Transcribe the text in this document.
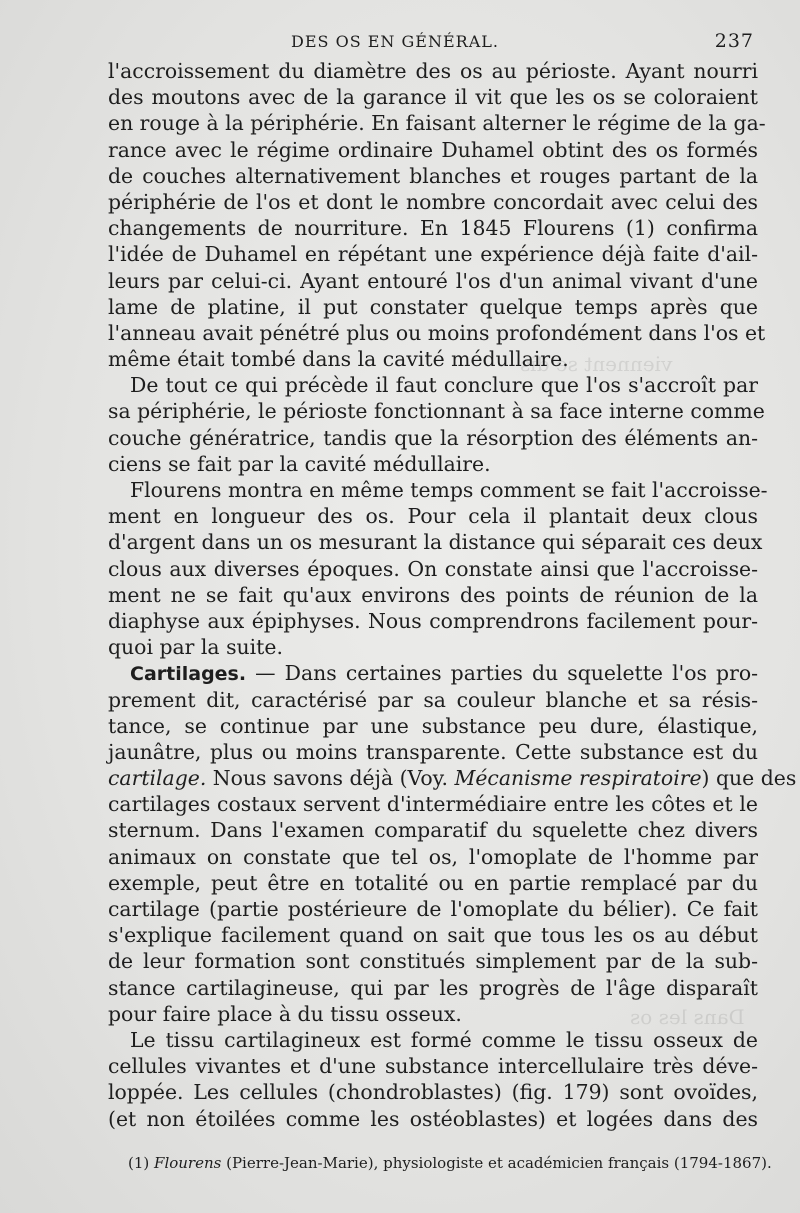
viennent se dis
Dans les os
DES OS EN GÉNÉRAL.	237
l'accroissement du diamètre des os au périoste. Ayant nourri
des moutons avec de la garance il vit que les os se coloraient
en rouge à la périphérie. En faisant alterner le régime de la ga-
rance avec le régime ordinaire Duhamel obtint des os formés
de couches alternativement blanches et rouges partant de la
périphérie de l'os et dont le nombre concordait avec celui des
changements de nourriture. En 1845 Flourens (1) confirma
l'idée de Duhamel en répétant une expérience déjà faite d'ail-
leurs par celui-ci. Ayant entouré l'os d'un animal vivant d'une
lame de platine, il put constater quelque temps après que
l'anneau avait pénétré plus ou moins profondément dans l'os et
même était tombé dans la cavité médullaire.
De tout ce qui précède il faut conclure que l'os s'accroît par
sa périphérie, le périoste fonctionnant à sa face interne comme
couche génératrice, tandis que la résorption des éléments an-
ciens se fait par la cavité médullaire.
Flourens montra en même temps comment se fait l'accroisse-
ment en longueur des os. Pour cela il plantait deux clous
d'argent dans un os mesurant la distance qui séparait ces deux
clous aux diverses époques. On constate ainsi que l'accroisse-
ment ne se fait qu'aux environs des points de réunion de la
diaphyse aux épiphyses. Nous comprendrons facilement pour-
quoi par la suite.
Cartilages. — Dans certaines parties du squelette l'os pro-
prement dit, caractérisé par sa couleur blanche et sa résis-
tance, se continue par une substance peu dure, élastique,
jaunâtre, plus ou moins transparente. Cette substance est du
cartilage. Nous savons déjà (Voy. Mécanisme respiratoire) que des
cartilages costaux servent d'intermédiaire entre les côtes et le
sternum. Dans l'examen comparatif du squelette chez divers
animaux on constate que tel os, l'omoplate de l'homme par
exemple, peut être en totalité ou en partie remplacé par du
cartilage (partie postérieure de l'omoplate du bélier). Ce fait
s'explique facilement quand on sait que tous les os au début
de leur formation sont constitués simplement par de la sub-
stance cartilagineuse, qui par les progrès de l'âge disparaît
pour faire place à du tissu osseux.
Le tissu cartilagineux est formé comme le tissu osseux de
cellules vivantes et d'une substance intercellulaire très déve-
loppée. Les cellules (chondroblastes) (fig. 179) sont ovoïdes,
(et non étoilées comme les ostéoblastes) et logées dans des
(1) Flourens (Pierre-Jean-Marie), physiologiste et académicien français (1794-1867).
